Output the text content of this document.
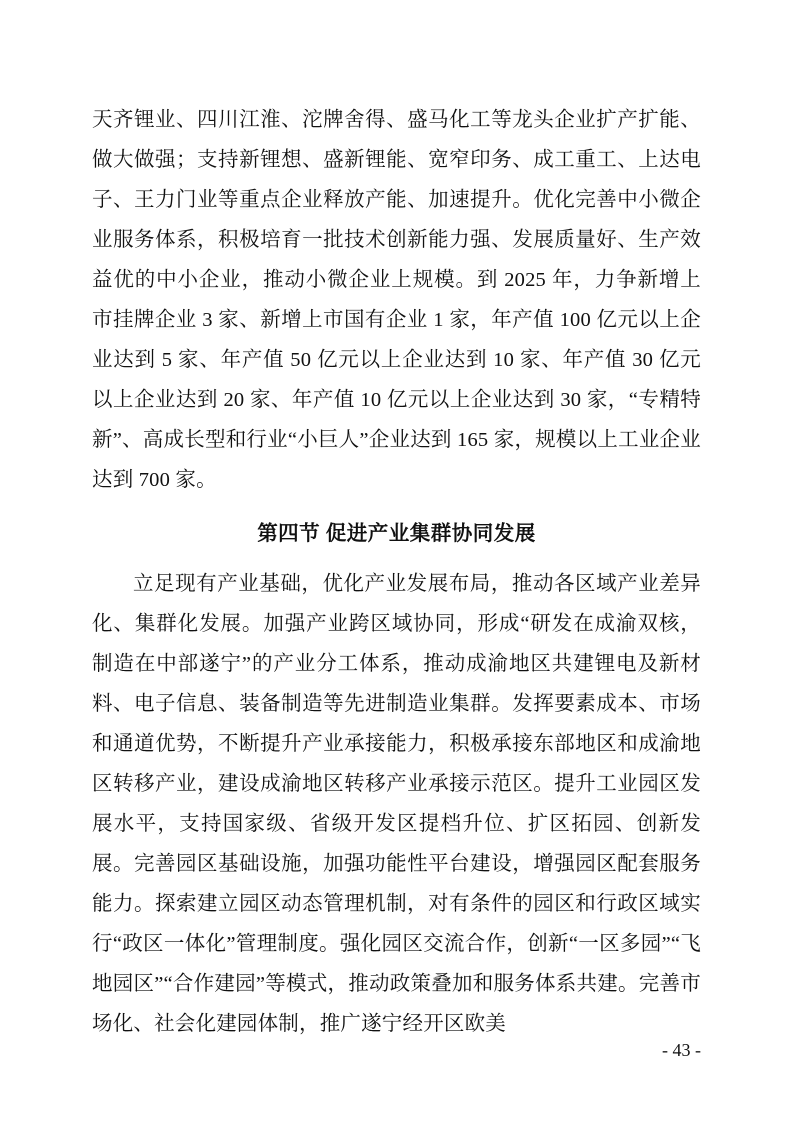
天齐锂业、四川江淮、沱牌舍得、盛马化工等龙头企业扩产扩能、做大做强；支持新锂想、盛新锂能、宽窄印务、成工重工、上达电子、王力门业等重点企业释放产能、加速提升。优化完善中小微企业服务体系，积极培育一批技术创新能力强、发展质量好、生产效益优的中小企业，推动小微企业上规模。到 2025 年，力争新增上市挂牌企业 3 家、新增上市国有企业 1 家，年产值 100 亿元以上企业达到 5 家、年产值 50 亿元以上企业达到 10 家、年产值 30 亿元以上企业达到 20 家、年产值 10 亿元以上企业达到 30 家，“专精特新”、高成长型和行业“小巨人”企业达到 165 家，规模以上工业企业达到 700 家。

第四节 促进产业集群协同发展

立足现有产业基础，优化产业发展布局，推动各区域产业差异化、集群化发展。加强产业跨区域协同，形成“研发在成渝双核，制造在中部遂宁”的产业分工体系，推动成渝地区共建锂电及新材料、电子信息、装备制造等先进制造业集群。发挥要素成本、市场和通道优势，不断提升产业承接能力，积极承接东部地区和成渝地区转移产业，建设成渝地区转移产业承接示范区。提升工业园区发展水平，支持国家级、省级开发区提档升位、扩区拓园、创新发展。完善园区基础设施，加强功能性平台建设，增强园区配套服务能力。探索建立园区动态管理机制，对有条件的园区和行政区域实行“政区一体化”管理制度。强化园区交流合作，创新“一区多园”“飞地园区”“合作建园”等模式，推动政策叠加和服务体系共建。完善市场化、社会化建园体制，推广遂宁经开区欧美

- 43 -
